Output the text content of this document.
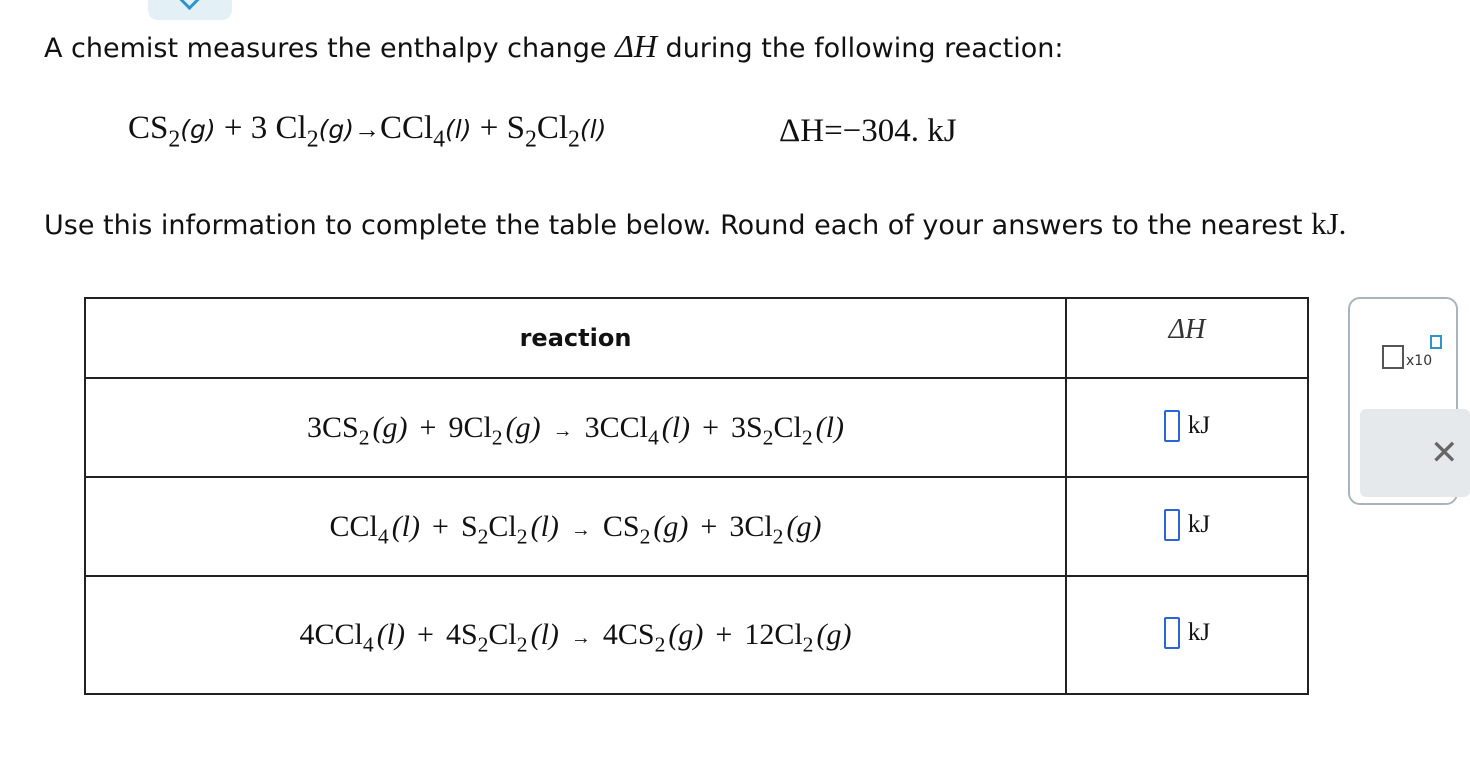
A chemist measures the enthalpy change ΔH during the following reaction:
$CS_2(g) + 3$ $Cl_2(g)\to CCl_4(l) + S_2Cl_2(l)$	ΔH=−304. kJ
Use this information to complete the table below. Round each of your answers to the nearest kJ.
reaction	ΔH
$3CS_2$ $(g) + 9Cl_2$ (g) → 3CCl$_4$ $(l) + 3S_2Cl_2$ (l)	kJ

CCl$_4$ $(l) + S_2Cl_2$ $(l) \to CS_2$ $(g) + 3Cl_2$ (g)	kJ

4CCl$_4$ $(l) + 4S_2Cl_2$ $(l) \to 4CS_2$ $(g) + 12Cl_2$ (g)	kJ
x10
✕
